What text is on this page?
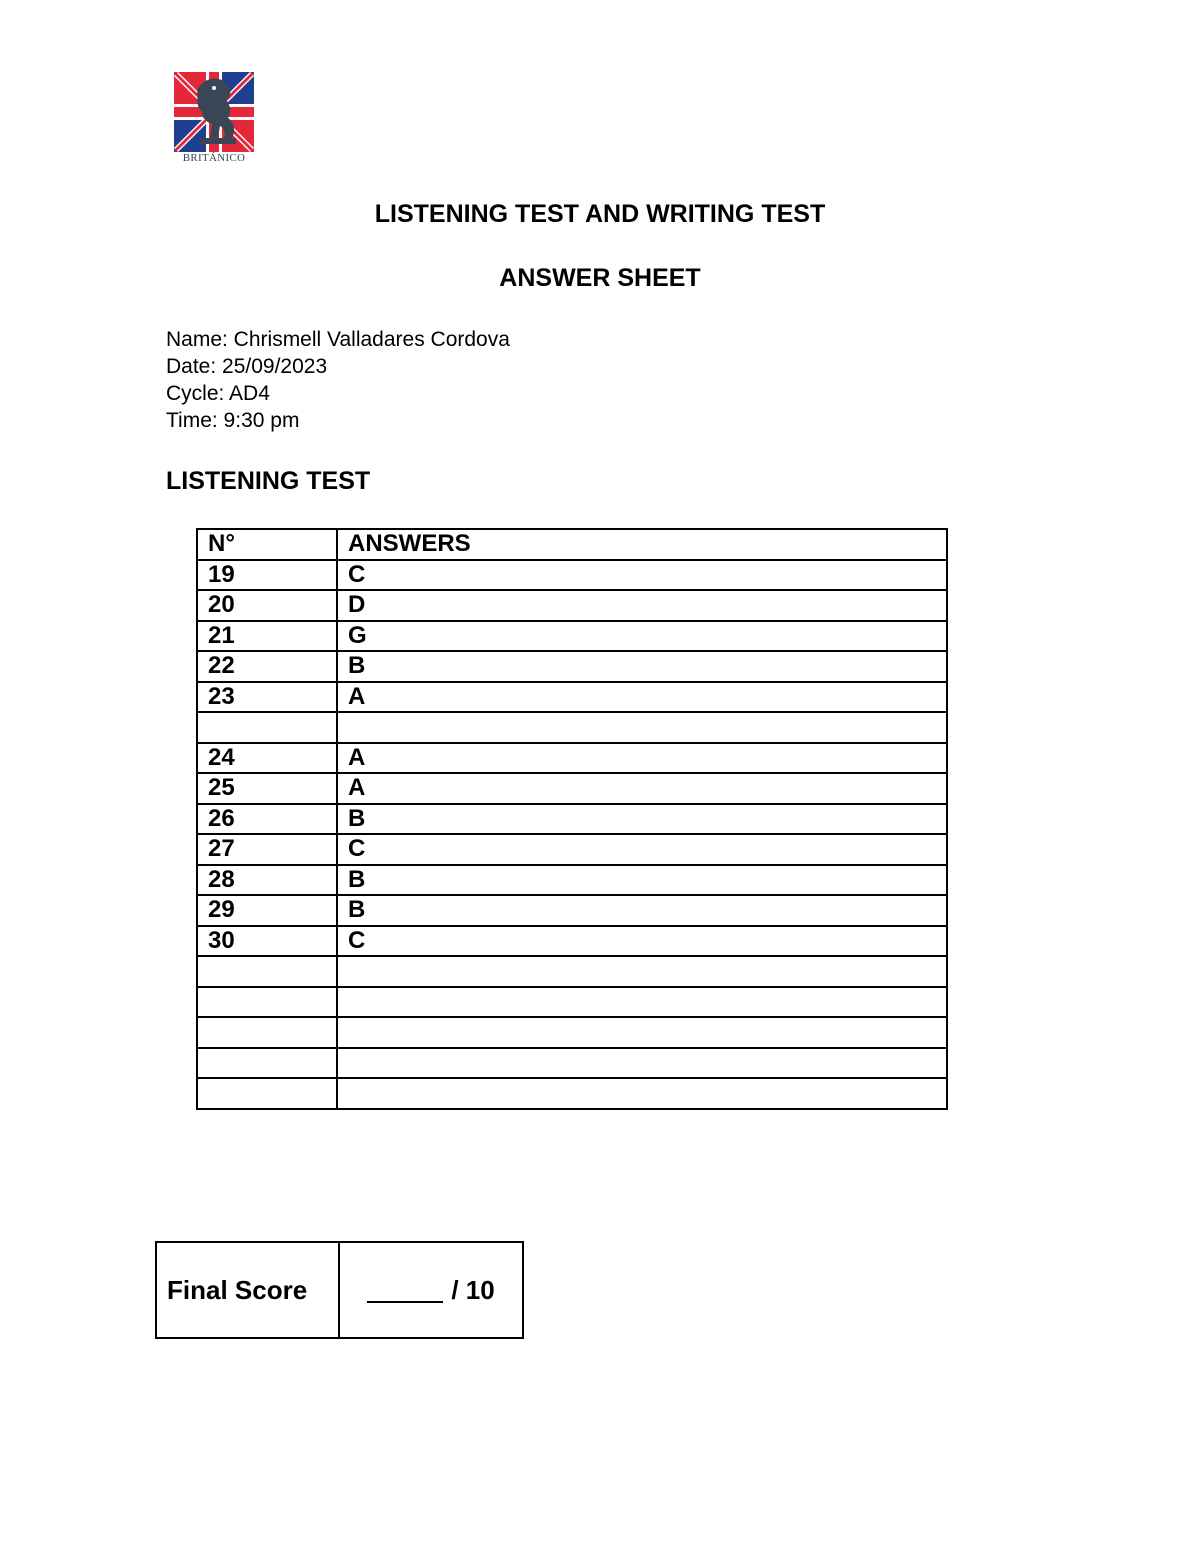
BRITÁNICO
LISTENING TEST AND WRITING TEST
ANSWER SHEET
Name: Chrismell Valladares Cordova
Date: 25/09/2023
Cycle: AD4
Time: 9:30 pm
LISTENING TEST
N°	ANSWERS
19	C
20	D
21	G
22	B
23	A

24	A
25	A
26	B
27	C
28	B
29	B
30	C

Final Score	/ 10
